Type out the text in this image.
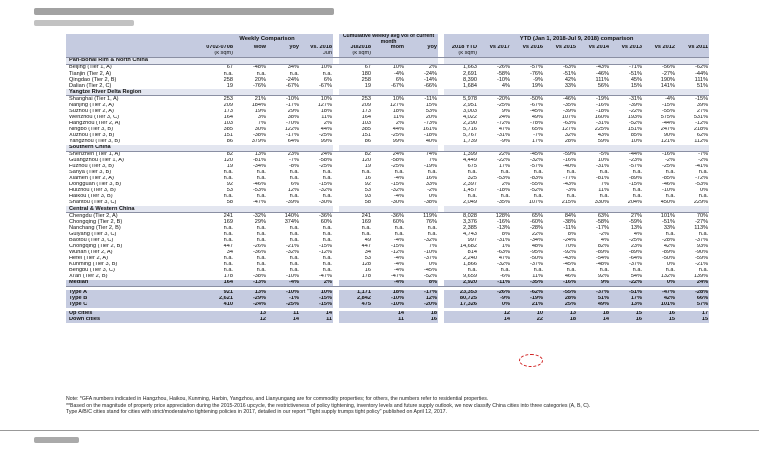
	Weekly Comparison					Cumulative weekly avg vol of current month				YTD (Jan 1, 2018-Jul 9, 2018) comparison							
	0702-0708	wow	yoy	vs. 2018		Jul2018	mom	yoy		2018 YTD	vs 2017	vs 2016	vs 2015	vs 2014	vs 2013	vs 2012	vs 2011
	(k sqm)			Jun		(k sqm)				(k sqm)							
Pan-Bohai Rim & North China																	
Beijing (Tier 1, A)	67	-48%	34%	10%		67	10%	2%		1,663	-26%	-57%	-63%	-43%	-71%	-56%	-62%
Tianjin (Tier 2, A)	n.a.	n.a.	n.a.	n.a.		180	-4%	-24%		2,691	-58%	-76%	-51%	-46%	-51%	-27%	-44%
Qingdao (Tier 2, B)	258	20%	-24%	6%		258	6%	-14%		8,390	-10%	-9%	42%	111%	45%	190%	111%
Dalian (Tier 2, C)	19	-76%	-67%	-67%		19	-67%	-66%		1,684	4%	19%	33%	56%	15%	141%	51%
Yangtze River Delta Region																	
Shanghai (Tier 1, A)	253	21%	-10%	10%		253	10%	-11%		5,978	-20%	-50%	-46%	-19%	-31%	-4%	-15%
Nanjing (Tier 2, A)	209	184%	-17%	127%		209	127%	15%		2,951	-25%	-67%	-35%	-16%	-39%	-15%	39%
Suzhou (Tier 2, A)	173	19%	29%	18%		173	18%	53%		3,003	9%	-45%	-39%	-18%	-22%	-55%	27%
Wenzhou (Tier 3, C)	164	3%	38%	11%		164	11%	20%		4,022	24%	49%	107%	160%	193%	575%	531%
Hangzhou (Tier 2, A)	103	7%	-70%	2%		103	2%	-73%		2,290	-72%	-78%	-63%	-31%	-52%	-44%	-12%
Ningbo (Tier 3, B)	385	30%	122%	44%		385	44%	161%		5,716	47%	65%	127%	225%	151%	247%	218%
Xuzhou (Tier 3, B)	151	-38%	-17%	-25%		151	-25%	-18%		5,767	-31%	-7%	32%	43%	85%	90%	62%
Yangzhou (Tier 3, B)	86	379%	64%	99%		86	99%	40%		1,739	-9%	17%	28%	59%	10%	121%	112%
Southern China																	
Shenzhen (Tier 1, A)	82	13%	23%	24%		82	24%	74%		1,399	22%	-45%	-59%	-5%	-44%	-16%	-7%
Guangzhou (Tier 1, A)	120	-81%	-7%	-58%		120	-58%	7%		4,449	-22%	-32%	-16%	10%	-23%	-2%	-2%
Fuzhou (Tier 3, B)	19	-34%	-8%	-25%		19	-25%	-19%		675	17%	-57%	-40%	-31%	-57%	-25%	-41%
Sanya (Tier 3, B)	n.a.	n.a.	n.a.	n.a.		n.a.	n.a.	n.a.		n.a.	n.a.	n.a.	n.a.	n.a.	n.a.	n.a.	n.a.
Xiamen (Tier 2, A)	n.a.	n.a.	n.a.	n.a.		16	-4%	16%		325	-53%	-83%	-77%	-81%	-89%	-85%	-72%
Dongguan (Tier 3, B)	92	-46%	6%	-15%		92	-15%	33%		2,397	2%	-55%	-43%	7%	-15%	-46%	-53%
Huizhou (Tier 3, B)	53	-53%	12%	-32%		53	-32%	-2%		1,457	-18%	-52%	-3%	11%	n.a.	-10%	0%
Haikou (Tier 3, B)	n.a.	n.a.	n.a.	n.a.		93	-4%	0%		n.a.	n.a.	n.a.	n.a.	n.a.	n.a.	n.a.	n.a.
Shantou (Tier 3, C)	58	-47%	-39%	-30%		58	-30%	-38%		2,049	-35%	107%	215%	330%	204%	450%	229%
Central & Western China																	
Chengdu (Tier 2, A)	241	-32%	140%	-36%		241	-36%	119%		8,028	128%	65%	84%	63%	27%	101%	70%
Chongqing (Tier 2, B)	169	29%	374%	60%		169	60%	76%		3,376	-16%	-60%	-38%	-58%	-59%	-51%	-27%
Nanchang (Tier 2, B)	n.a.	n.a.	n.a.	n.a.		n.a.	n.a.	n.a.		2,385	-13%	-28%	-11%	-17%	13%	33%	113%
Guiyang (Tier 3, C)	n.a.	n.a.	n.a.	n.a.		n.a.	n.a.	n.a.		4,743	8%	22%	8%	-2%	4%	n.a.	n.a.
Baotou (Tier 3, C)	n.a.	n.a.	n.a.	n.a.		49	-4%	-32%		997	-31%	-34%	-24%	4%	-25%	-28%	-37%
Chongqing (Tier 2, B)	447	-26%	-21%	-15%		447	-15%	7%		14,682	1%	48%	70%	82%	23%	42%	93%
Wuhan (Tier 2, A)	34	-36%	-32%	-12%		34	-12%	-10%		814	-63%	-95%	-92%	-89%	-89%	-89%	-90%
Hefei (Tier 2, A)	n.a.	n.a.	n.a.	n.a.		53	-4%	-37%		2,240	47%	-50%	-43%	-54%	-64%	-50%	-59%
Kunming (Tier 3, B)	n.a.	n.a.	n.a.	n.a.		128	-4%	0%		1,866	-32%	-37%	-45%	-48%	-37%	0%	-21%
Bengbu (Tier 3, C)	n.a.	n.a.	n.a.	n.a.		16	-4%	-45%		n.a.	n.a.	n.a.	n.a.	n.a.	n.a.	n.a.	n.a.
Xi'an (Tier 2, B)	178	-38%	-10%	-47%		178	-47%	-52%		9,659	-6%	11%	46%	92%	54%	132%	139%
Median	164	-13%	-4%	2%			-4%	8%		2,920	-11%	-35%	-16%	9%	-22%	0%	24%

Type A	921	13%	-10%	10%		1,171	18%	-17%		23,353	-26%	-62%	-55%	-37%	-51%	-47%	-28%
Type B	2,621	-29%	-1%	-15%		2,842	-10%	12%		80,725	-9%	-19%	28%	51%	17%	42%	66%
Type C	410	-24%	-25%	-15%		475	-10%	-20%		17,326	0%	21%	25%	49%	13%	101%	57%

Up cities		13	11	14			14	18			12	10	13	18	15	16	17
Down cities		12	14	11			11	16			14	22	18	14	16	15	15
Note: *GFA numbers indicated in Hangzhou, Haikou, Kunming, Harbin, Yangzhou, and Lianyungang are for commodity properties; for others, the numbers refer to residential properties.
**Based on the magnitude of property price appreciation during the 2015-2016 upcycle, the restrictiveness of policy tightening, inventory levels and future supply outlook, we now classify China cities into three categories (A, B, C).
Type A/B/C cities stand for cities with strict/moderate/no tightening policies in 2017, detailed in our report "Tight supply trumps tight policy" published on April 12, 2017.
